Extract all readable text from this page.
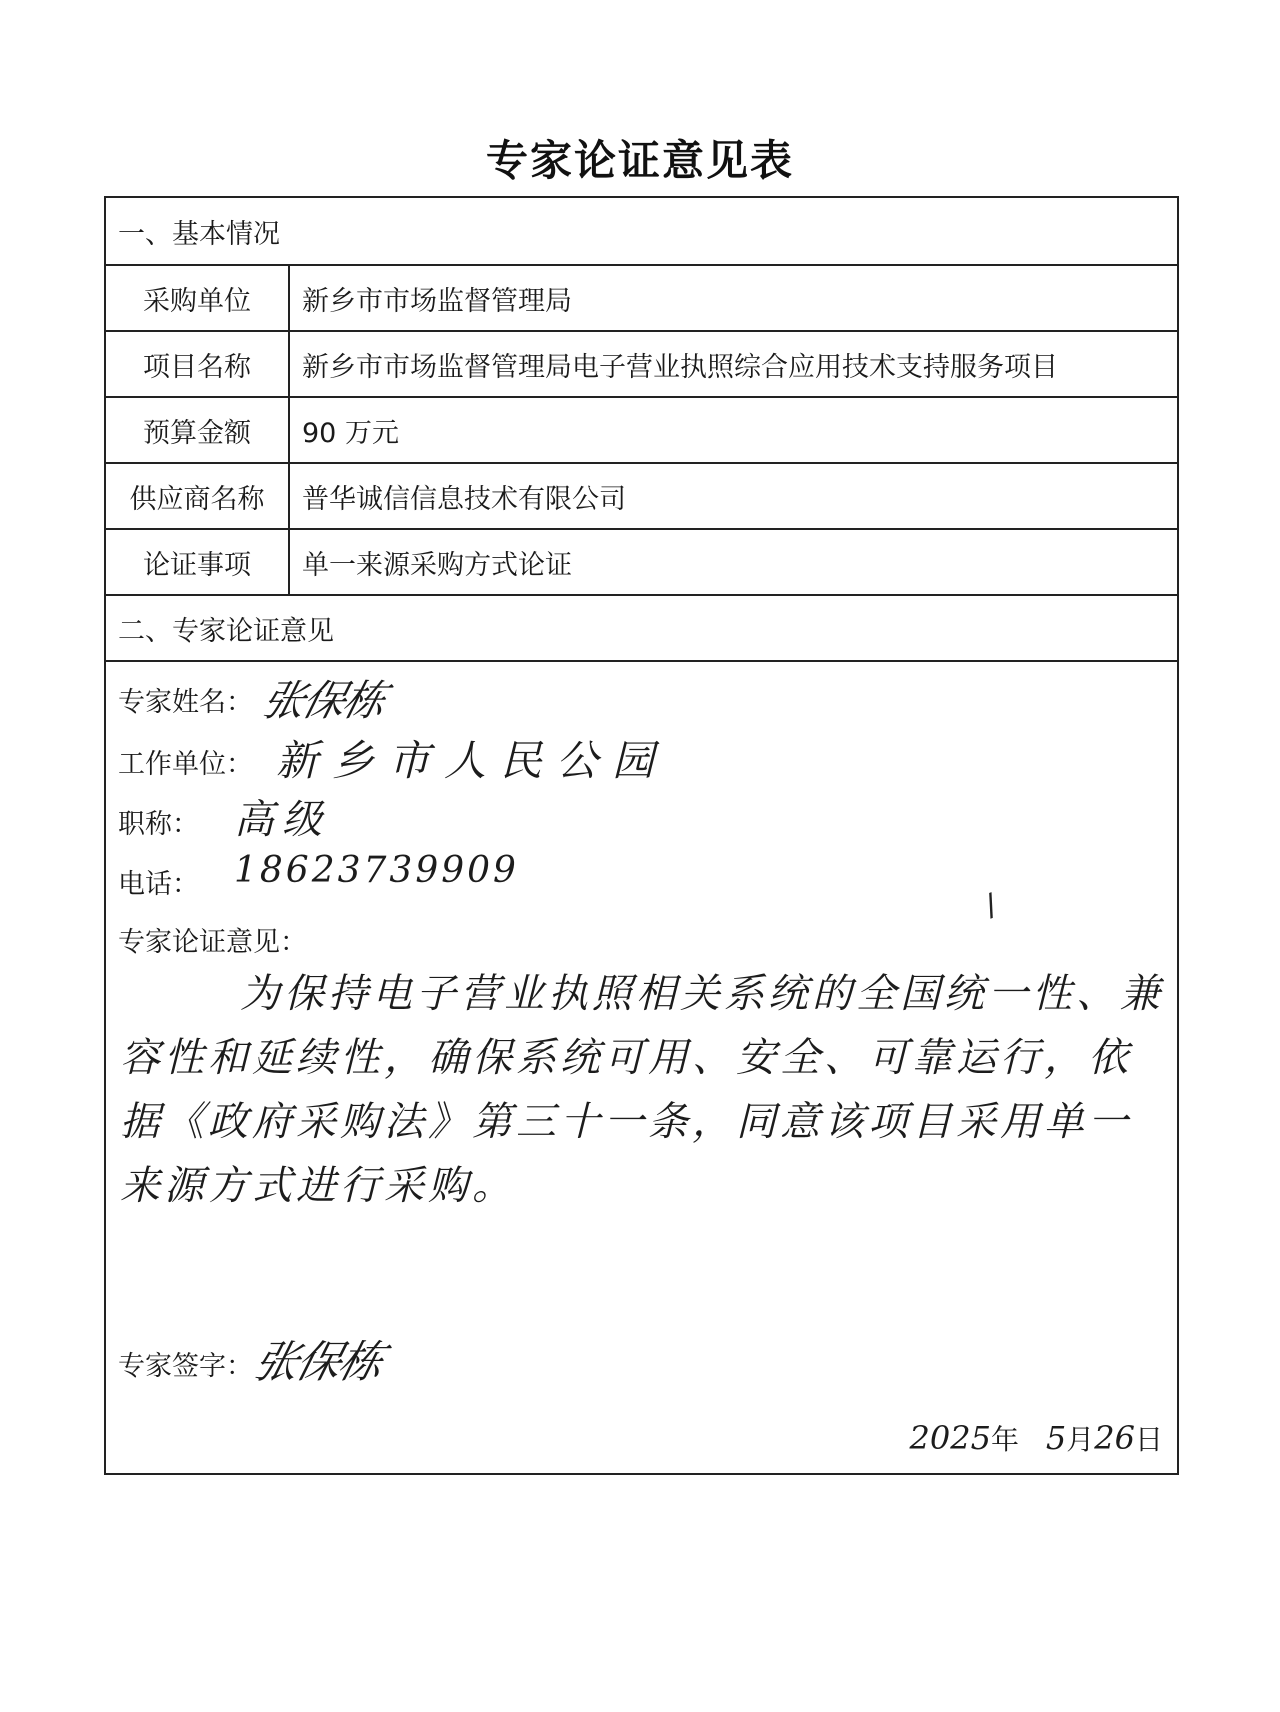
专家论证意见表
一、基本情况
采购单位	新乡市市场监督管理局
项目名称	新乡市市场监督管理局电子营业执照综合应用技术支持服务项目
预算金额	90 万元
供应商名称	普华诚信信息技术有限公司
论证事项	单一来源采购方式论证
二、专家论证意见
专家姓名： 张保栋
工作单位： 新乡市人民公园
职称： 高级
电话： 18623739909
专家论证意见：
/
为保持电子营业执照相关系统的全国统一性、兼容性和延续性，确保系统可用、安全、可靠运行，依据《政府采购法》第三十一条，同意该项目采用单一来源方式进行采购。
专家签字：
张保栋
2025年 5月26日
